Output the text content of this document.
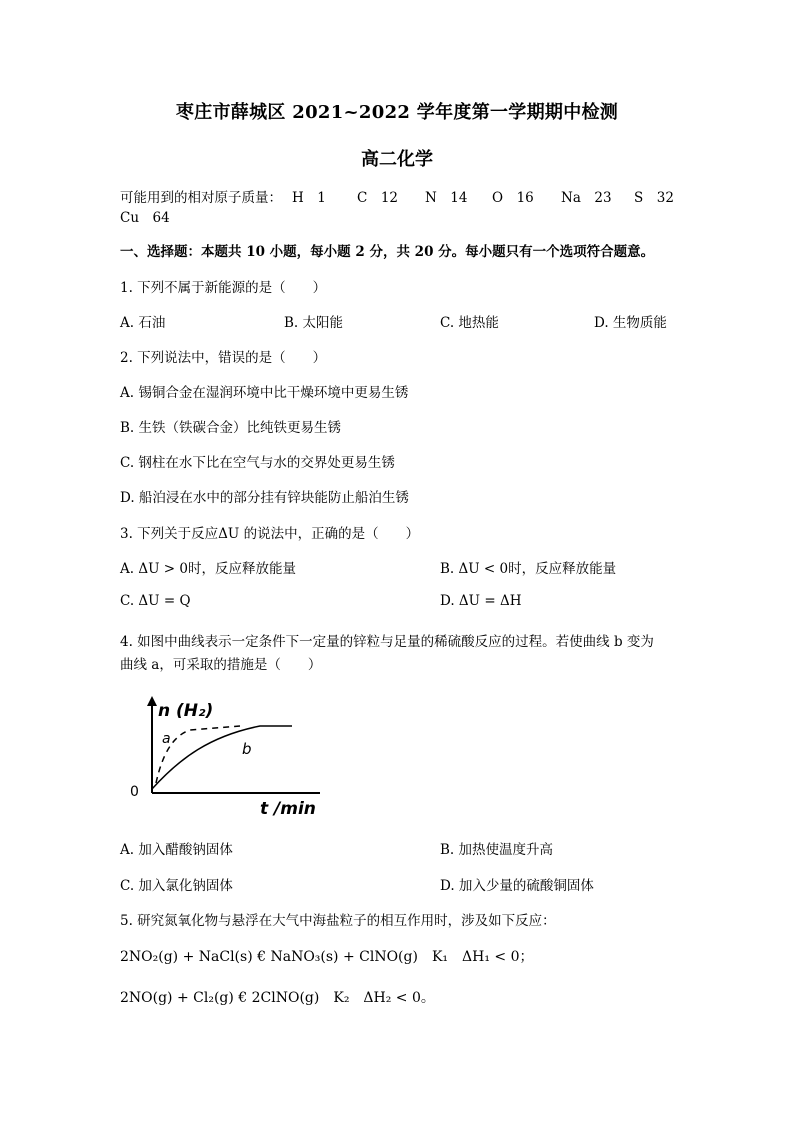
枣庄市薛城区 2021~2022 学年度第一学期期中检测
高二化学
可能用到的相对原子质量： H　1 C　12 N　14 O　16 Na　23 S　32
Cu　64
一、选择题：本题共 10 小题，每小题 2 分，共 20 分。每小题只有一个选项符合题意。
1. 下列不属于新能源的是（　　）
A. 石油	B. 太阳能	C. 地热能	D. 生物质能
2. 下列说法中，错误的是（　　）
A. 锡铜合金在湿润环境中比干燥环境中更易生锈
B. 生铁（铁碳合金）比纯铁更易生锈
C. 钢柱在水下比在空气与水的交界处更易生锈
D. 船泊浸在水中的部分挂有锌块能防止船泊生锈
3. 下列关于反应ΔU 的说法中，正确的是（　　）
A. ΔU > 0时，反应释放能量	B. ΔU < 0时，反应释放能量
C. ΔU = Q	D. ΔU = ΔH
4. 如图中曲线表示一定条件下一定量的锌粒与足量的稀硫酸反应的过程。若使曲线 b 变为
曲线 a，可采取的措施是（　　）
n (H₂)
t /min
0
a
b
A. 加入醋酸钠固体	B. 加热使温度升高
C. 加入氯化钠固体	D. 加入少量的硫酸铜固体
5. 研究氮氧化物与悬浮在大气中海盐粒子的相互作用时，涉及如下反应：
2NO₂(g) + NaCl(s) € NaNO₃(s) + ClNO(g)　K₁　ΔH₁ < 0；
2NO(g) + Cl₂(g) € 2ClNO(g)　K₂　ΔH₂ < 0。
